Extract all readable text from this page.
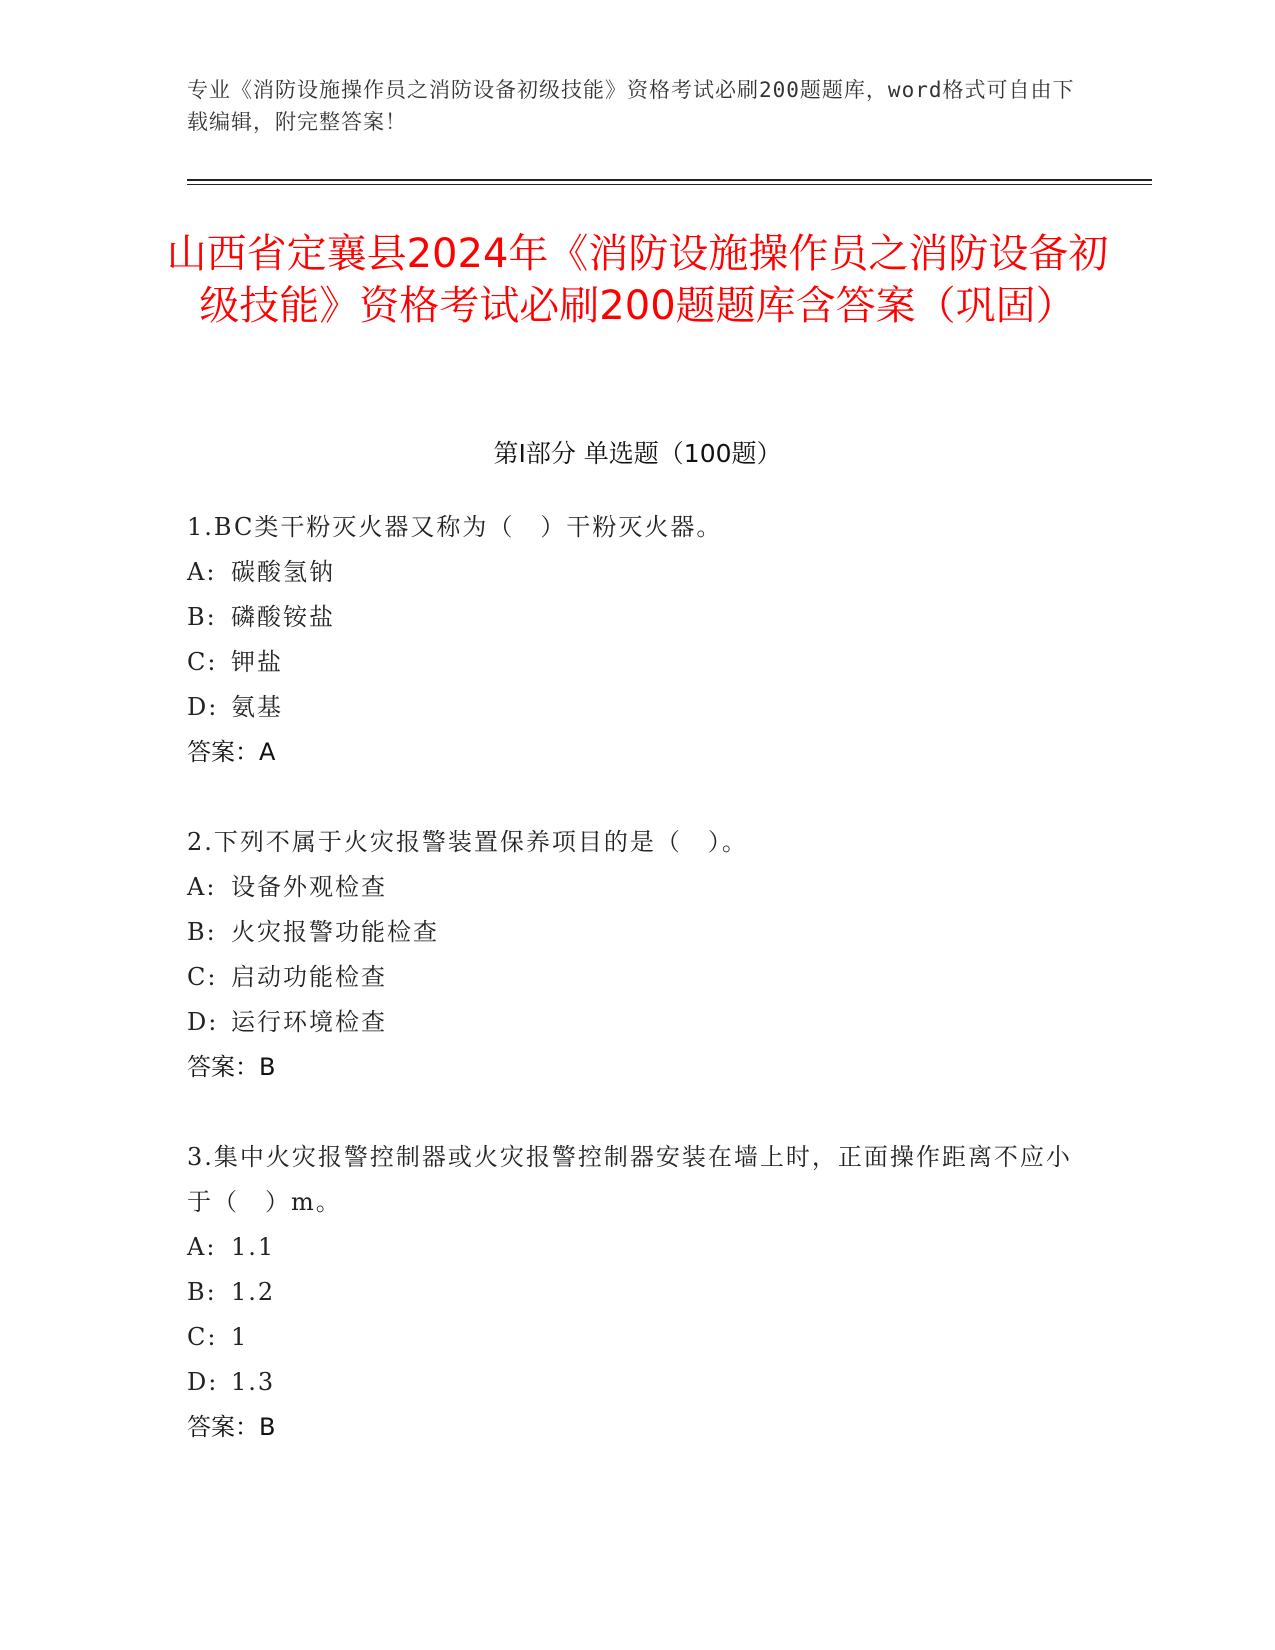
专业《消防设施操作员之消防设备初级技能》资格考试必刷200题题库，word格式可自由下载编辑，附完整答案！
山西省定襄县2024年《消防设施操作员之消防设备初级技能》资格考试必刷200题题库含答案（巩固）
第I部分 单选题（100题）
1.BC类干粉灭火器又称为（　）干粉灭火器。
A: 碳酸氢钠
B: 磷酸铵盐
C: 钾盐
D: 氨基
答案：A
2.下列不属于火灾报警装置保养项目的是（　）。
A: 设备外观检查
B: 火灾报警功能检查
C: 启动功能检查
D: 运行环境检查
答案：B
3.集中火灾报警控制器或火灾报警控制器安装在墙上时，正面操作距离不应小于（　）m。
A: 1.1
B: 1.2
C: 1
D: 1.3
答案：B
